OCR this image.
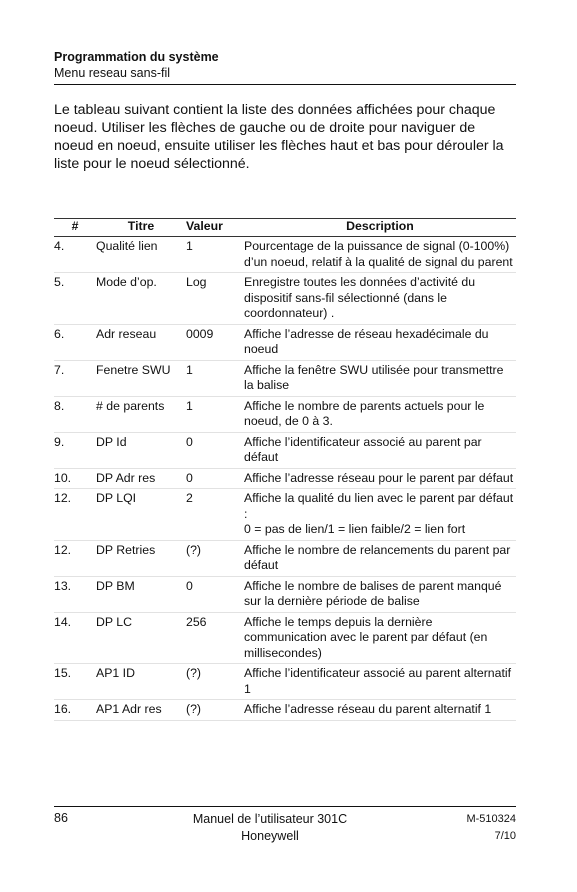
Programmation du système
Menu reseau sans-fil

Le tableau suivant contient la liste des données affichées pour chaque noeud. Utiliser les flèches de gauche ou de droite pour naviguer de noeud en noeud, ensuite utiliser les flèches haut et bas pour dérouler la liste pour le noeud sélectionné.

#	Titre	Valeur	Description
4.	Qualité lien	1	Pourcentage de la puissance de signal (0-100%) d’un noeud, relatif à la qualité de signal du parent

5.	Mode d’op.	Log	Enregistre toutes les données d’activité du dispositif sans-fil sélectionné (dans le coordonnateur) .

6.	Adr reseau	0009	Affiche l’adresse de réseau hexadécimale du noeud

7.	Fenetre SWU	1	Affiche la fenêtre SWU utilisée pour transmettre la balise

8.	# de parents	1	Affiche le nombre de parents actuels pour le noeud, de 0 à 3.

9.	DP Id	0	Affiche l’identificateur associé au parent par défaut

10.	DP Adr res	0	Affiche l’adresse réseau pour le parent par défaut

12.	DP LQI	2	Affiche la qualité du lien avec le parent par défaut :
0 = pas de lien/1 = lien faible/2 = lien fort

12.	DP Retries	(?)	Affiche le nombre de relancements du parent par défaut

13.	DP BM	0	Affiche le nombre de balises de parent manqué sur la dernière période de balise

14.	DP LC	256	Affiche le temps depuis la dernière communication avec le parent par défaut (en millisecondes)

15.	AP1 ID	(?)	Affiche l’identificateur associé au parent alternatif 1

16.	AP1 Adr res	(?)	Affiche l’adresse réseau du parent alternatif 1
86	Manuel de l’utilisateur 301C
Honeywell
M-510324
7/10
